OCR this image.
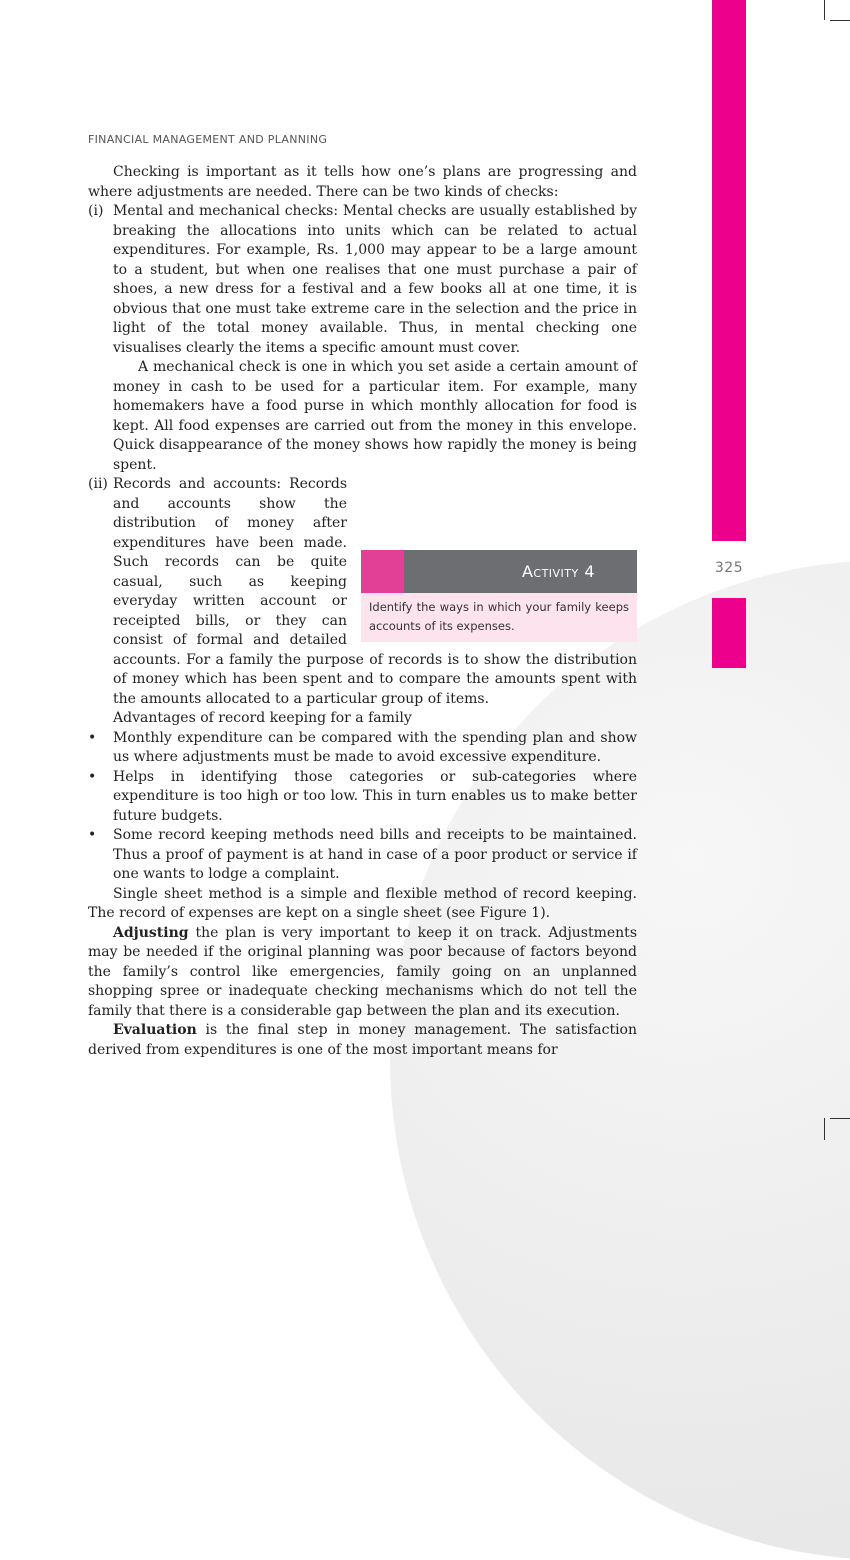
325
FINANCIAL MANAGEMENT AND PLANNING

Checking is important as it tells how one’s plans are progressing and where adjustments are needed. There can be two kinds of checks:

(i) Mental and mechanical checks: Mental checks are usually established by breaking the allocations into units which can be related to actual expenditures. For example, Rs. 1,000 may appear to be a large amount to a student, but when one realises that one must purchase a pair of shoes, a new dress for a festival and a few books all at one time, it is obvious that one must take extreme care in the selection and the price in light of the total money available. Thus, in mental checking one visualises clearly the items a specific amount must cover.

A mechanical check is one in which you set aside a certain amount of money in cash to be used for a particular item. For example, many homemakers have a food purse in which monthly allocation for food is kept. All food expenses are carried out from the money in this envelope. Quick disappearance of the money shows how rapidly the money is being spent.

(ii)
Activity 4
Identify the ways in which your family keeps accounts of its expenses.

Records and accounts: Records and accounts show the distribution of money after expenditures have been made. Such records can be quite casual, such as keeping everyday written account or receipted bills, or they can consist of formal and detailed accounts. For a family the purpose of records is to show the distribution of money which has been spent and to compare the amounts spent with the amounts allocated to a particular group of items.

Advantages of record keeping for a family

• Monthly expenditure can be compared with the spending plan and show us where adjustments must be made to avoid excessive expenditure.

• Helps in identifying those categories or sub-categories where expenditure is too high or too low. This in turn enables us to make better future budgets.

• Some record keeping methods need bills and receipts to be maintained. Thus a proof of payment is at hand in case of a poor product or service if one wants to lodge a complaint.

Single sheet method is a simple and flexible method of record keeping. The record of expenses are kept on a single sheet (see Figure 1).

Adjusting the plan is very important to keep it on track. Adjustments may be needed if the original planning was poor because of factors beyond the family’s control like emergencies, family going on an unplanned shopping spree or inadequate checking mechanisms which do not tell the family that there is a considerable gap between the plan and its execution.

Evaluation is the final step in money management. The satisfaction derived from expenditures is one of the most important means for
